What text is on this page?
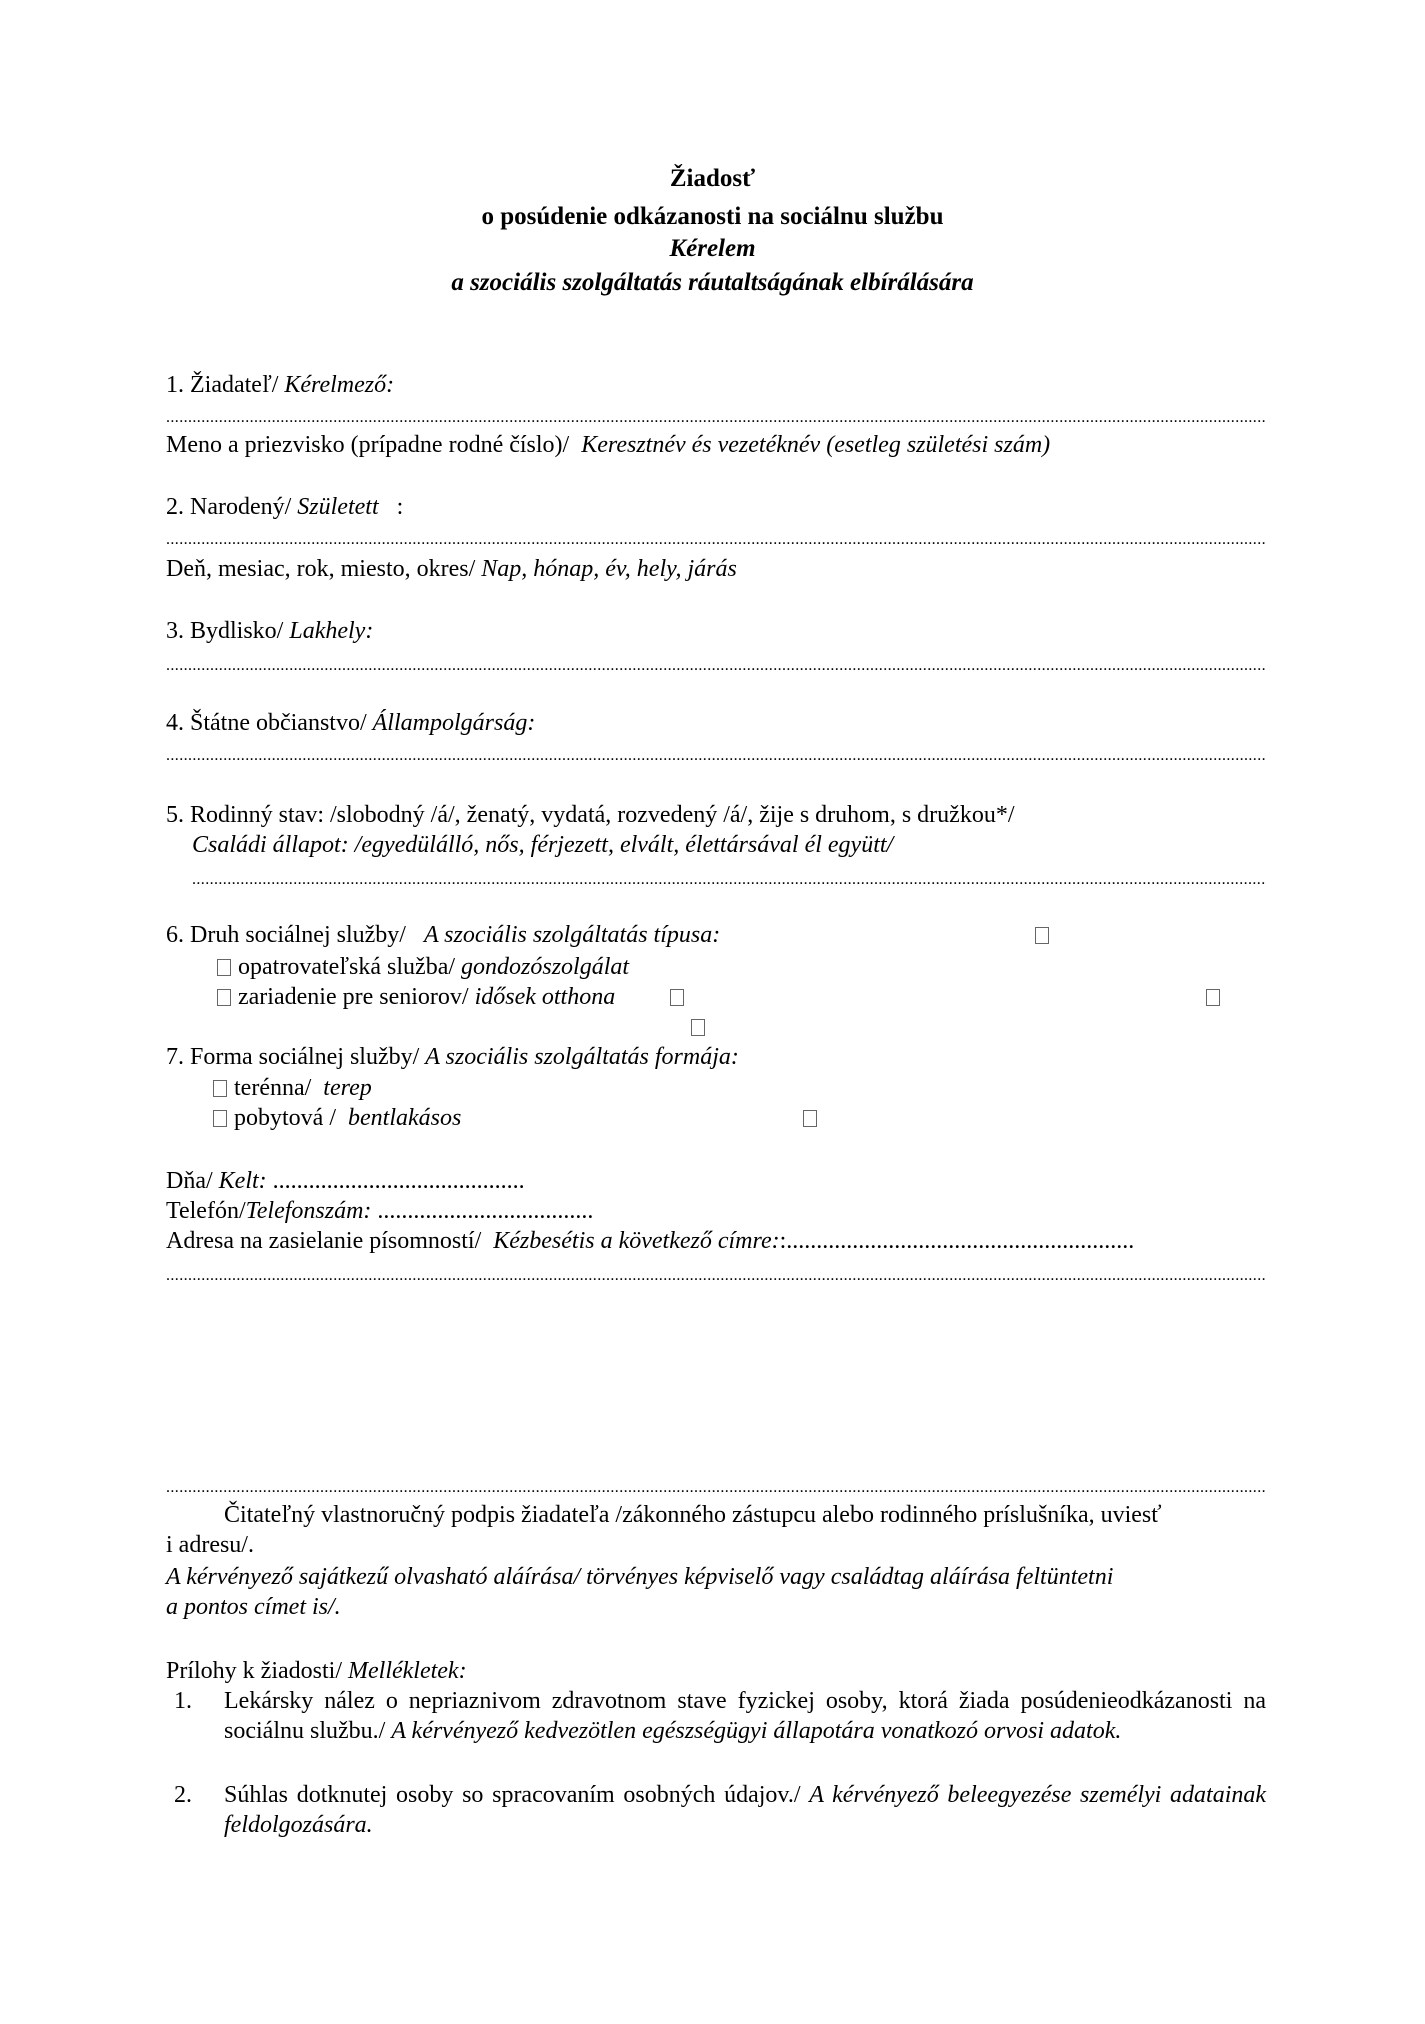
Žiadosť
o posúdenie odkázanosti na sociálnu službu
Kérelem
a szociális szolgáltatás ráutaltságának elbírálására
1. Žiadateľ/ Kérelmező:
.....
Meno a priezvisko (prípadne rodné číslo)/ Keresztnév és vezetéknév (esetleg születési szám)
2. Narodený/ Született :
.....
Deň, mesiac, rok, miesto, okres/ Nap, hónap, év, hely, járás
3. Bydlisko/ Lakhely:
.....
4. Štátne občianstvo/ Állampolgárság:
.....
5. Rodinný stav: /slobodný /á/, ženatý, vydatá, rozvedený /á/, žije s druhom, s družkou*/
Családi állapot: /egyedülálló, nős, férjezett, elvált, élettársával él együtt/
.....
6. Druh sociálnej služby/ A szociális szolgáltatás típusa:
opatrovateľská služba/ gondozószolgálat
zariadenie pre seniorov/ idősek otthona
7. Forma sociálnej služby/ A szociális szolgáltatás formája:
terénna/ terep
pobytová / bentlakásos
Dňa/ Kelt: ..........................................
Telefón/Telefonszám: ....................................
Adresa na zasielanie písomností/ Kézbesétis a következő címre::..........................................................
.....
.....
Čitateľný vlastnoručný podpis žiadateľa /zákonného zástupcu alebo rodinného príslušníka, uviesť
i adresu/.
A kérvényező sajátkezű olvasható aláírása/ törvényes képviselő vagy családtag aláírása feltüntetni
a pontos címet is/.
Prílohy k žiadosti/ Mellékletek:
1. Lekársky nález o nepriaznivom zdravotnom stave fyzickej osoby, ktorá žiada posúdenieodkázanosti na sociálnu službu./ A kérvényező kedvezötlen egészségügyi állapotára vonatkozó orvosi adatok.
2. Súhlas dotknutej osoby so spracovaním osobných údajov./ A kérvényező beleegyezése személyi adatainak feldolgozására.
